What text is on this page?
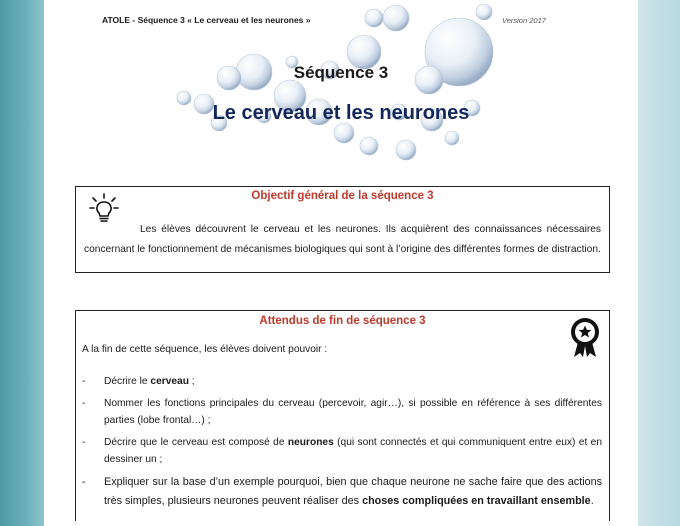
ATOLE - Séquence 3 « Le cerveau et les neurones »	Version 2017
Séquence 3
Le cerveau et les neurones
Objectif général de la séquence 3
Les élèves découvrent le cerveau et les neurones. Ils acquièrent des connaissances nécessaires concernant le fonctionnement de mécanismes biologiques qui sont à l’origine des différentes formes de distraction.
Attendus de fin de séquence 3
A la fin de cette séquence, les élèves doivent pouvoir :
- Décrire le cerveau ;
- Nommer les fonctions principales du cerveau (percevoir, agir…), si possible en référence à ses différentes parties (lobe frontal…) ;
- Décrire que le cerveau est composé de neurones (qui sont connectés et qui communiquent entre eux) et en dessiner un ;
- Expliquer sur la base d’un exemple pourquoi, bien que chaque neurone ne sache faire que des actions très simples, plusieurs neurones peuvent réaliser des choses compliquées en travaillant ensemble.
